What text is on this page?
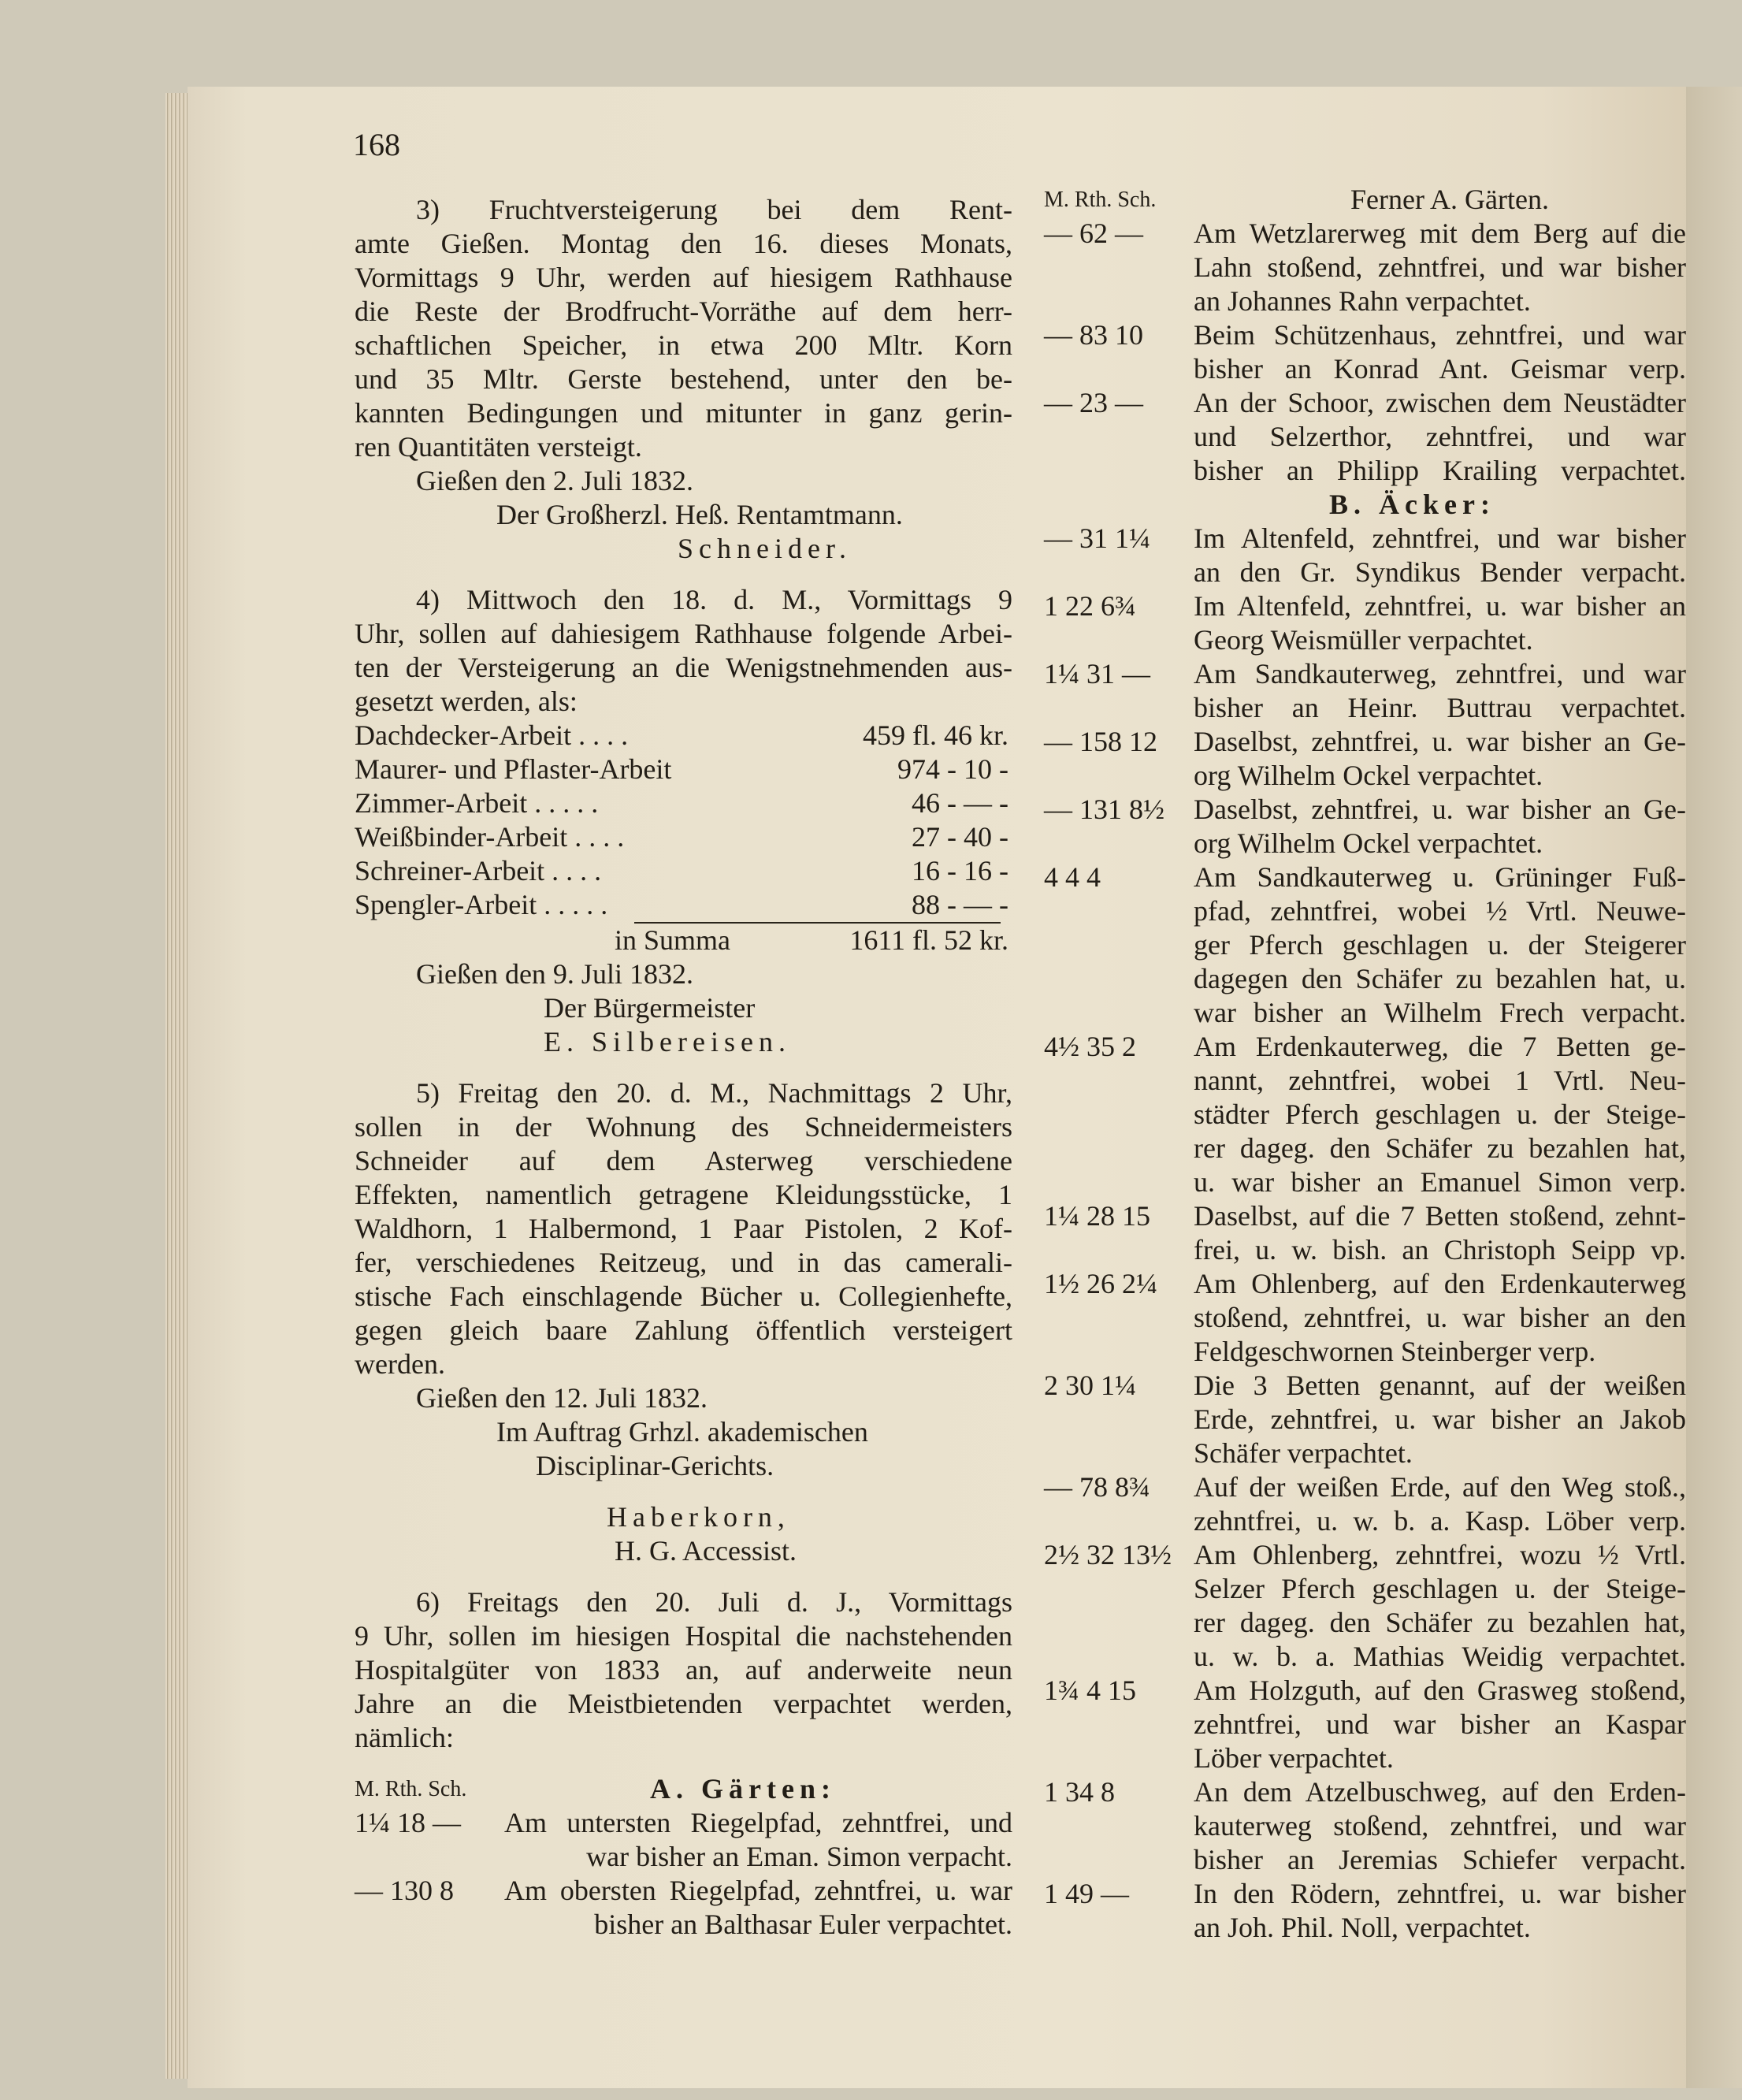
168
3) Fruchtversteigerung bei dem Rent-
amte Gießen. Montag den 16. dieses Monats,
Vormittags 9 Uhr, werden auf hiesigem Rathhause
die Reste der Brodfrucht-Vorräthe auf dem herr-
schaftlichen Speicher, in etwa 200 Mltr. Korn
und 35 Mltr. Gerste bestehend, unter den be-
kannten Bedingungen und mitunter in ganz gerin-
ren Quantitäten versteigt.
Gießen den 2. Juli 1832.
Der Großherzl. Heß. Rentamtmann.
Schneider.
4) Mittwoch den 18. d. M., Vormittags 9
Uhr, sollen auf dahiesigem Rathhause folgende Arbei-
ten der Versteigerung an die Wenigstnehmenden aus-
gesetzt werden, als:
Dachdecker-Arbeit . . . .	459 fl. 46 kr.
Maurer- und Pflaster-Arbeit	974 - 10 -
Zimmer-Arbeit . . . . .	46 - — -
Weißbinder-Arbeit . . . .	27 - 40 -
Schreiner-Arbeit . . . .	16 - 16 -
Spengler-Arbeit . . . . .	88 - — -
in Summa	1611 fl. 52 kr.
Gießen den 9. Juli 1832.
Der Bürgermeister
E. Silbereisen.
5) Freitag den 20. d. M., Nachmittags 2 Uhr,
sollen in der Wohnung des Schneidermeisters
Schneider auf dem Asterweg verschiedene
Effekten, namentlich getragene Kleidungsstücke, 1
Waldhorn, 1 Halbermond, 1 Paar Pistolen, 2 Kof-
fer, verschiedenes Reitzeug, und in das camerali-
stische Fach einschlagende Bücher u. Collegienhefte,
gegen gleich baare Zahlung öffentlich versteigert
werden.
Gießen den 12. Juli 1832.
Im Auftrag Grhzl. akademischen
Disciplinar-Gerichts.
Haberkorn,
H. G. Accessist.
6) Freitags den 20. Juli d. J., Vormittags
9 Uhr, sollen im hiesigen Hospital die nachstehenden
Hospitalgüter von 1833 an, auf anderweite neun
Jahre an die Meistbietenden verpachtet werden,
nämlich:
M. Rth. Sch.	A. Gärten:
1¼ 18 —	Am untersten Riegelpfad, zehntfrei, und
war bisher an Eman. Simon verpacht.
— 130 8	Am obersten Riegelpfad, zehntfrei, u. war
bisher an Balthasar Euler verpachtet.
M. Rth. Sch.	Ferner A. Gärten.
— 62 —	Am Wetzlarerweg mit dem Berg auf die
Lahn stoßend, zehntfrei, und war bisher
an Johannes Rahn verpachtet.
— 83 10	Beim Schützenhaus, zehntfrei, und war
bisher an Konrad Ant. Geismar verp.
— 23 —	An der Schoor, zwischen dem Neustädter
und Selzerthor, zehntfrei, und war
bisher an Philipp Krailing verpachtet.
B. Äcker:
— 31 1¼	Im Altenfeld, zehntfrei, und war bisher
an den Gr. Syndikus Bender verpacht.
1 22 6¾	Im Altenfeld, zehntfrei, u. war bisher an
Georg Weismüller verpachtet.
1¼ 31 —	Am Sandkauterweg, zehntfrei, und war
bisher an Heinr. Buttrau verpachtet.
— 158 12	Daselbst, zehntfrei, u. war bisher an Ge-
org Wilhelm Ockel verpachtet.
— 131 8½	Daselbst, zehntfrei, u. war bisher an Ge-
org Wilhelm Ockel verpachtet.
4 4 4	Am Sandkauterweg u. Grüninger Fuß-
pfad, zehntfrei, wobei ½ Vrtl. Neuwe-
ger Pferch geschlagen u. der Steigerer
dagegen den Schäfer zu bezahlen hat, u.
war bisher an Wilhelm Frech verpacht.
4½ 35 2	Am Erdenkauterweg, die 7 Betten ge-
nannt, zehntfrei, wobei 1 Vrtl. Neu-
städter Pferch geschlagen u. der Steige-
rer dageg. den Schäfer zu bezahlen hat,
u. war bisher an Emanuel Simon verp.
1¼ 28 15	Daselbst, auf die 7 Betten stoßend, zehnt-
frei, u. w. bish. an Christoph Seipp vp.
1½ 26 2¼	Am Ohlenberg, auf den Erdenkauterweg
stoßend, zehntfrei, u. war bisher an den
Feldgeschwornen Steinberger verp.
2 30 1¼	Die 3 Betten genannt, auf der weißen
Erde, zehntfrei, u. war bisher an Jakob
Schäfer verpachtet.
— 78 8¾	Auf der weißen Erde, auf den Weg stoß.,
zehntfrei, u. w. b. a. Kasp. Löber verp.
2½ 32 13½ Am Ohlenberg, zehntfrei, wozu ½ Vrtl.
Selzer Pferch geschlagen u. der Steige-
rer dageg. den Schäfer zu bezahlen hat,
u. w. b. a. Mathias Weidig verpachtet.
1¾ 4 15	Am Holzguth, auf den Grasweg stoßend,
zehntfrei, und war bisher an Kaspar
Löber verpachtet.
1 34 8	An dem Atzelbuschweg, auf den Erden-
kauterweg stoßend, zehntfrei, und war
bisher an Jeremias Schiefer verpacht.
1 49 —	In den Rödern, zehntfrei, u. war bisher
an Joh. Phil. Noll, verpachtet.
